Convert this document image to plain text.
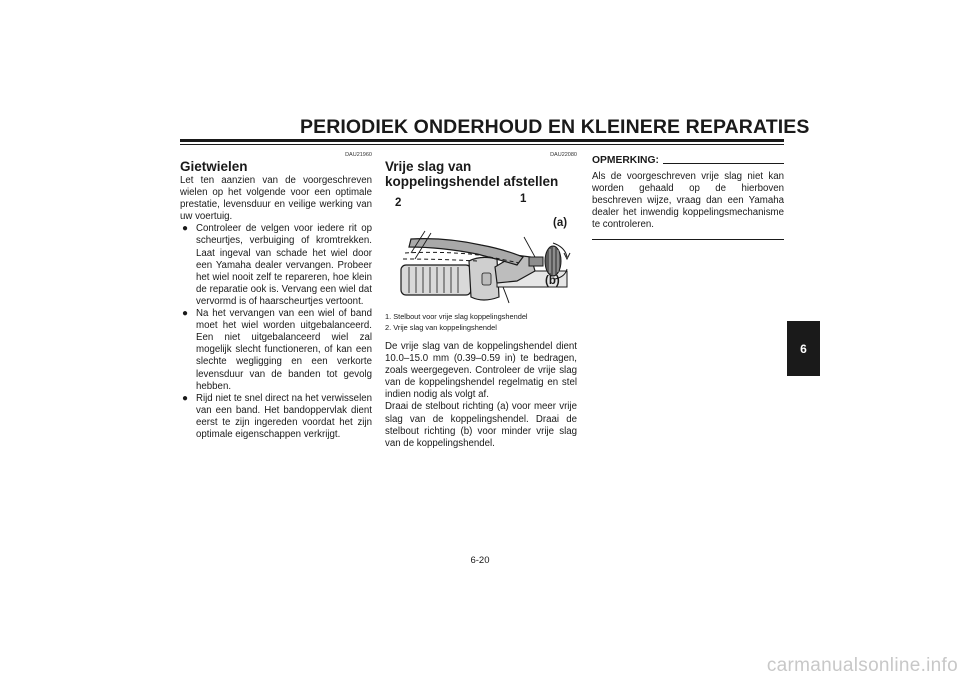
PERIODIEK ONDERHOUD EN KLEINERE REPARATIES
DAU21960
Gietwielen
Let ten aanzien van de voorgeschreven wielen op het volgende voor een optimale prestatie, levensduur en veilige werking van uw voertuig.
● Controleer de velgen voor iedere rit op scheurtjes, verbuiging of kromtrekken. Laat ingeval van schade het wiel door een Yamaha dealer vervangen. Probeer het wiel nooit zelf te repareren, hoe klein de reparatie ook is. Vervang een wiel dat vervormd is of haarscheurtjes vertoont.
● Na het vervangen van een wiel of band moet het wiel worden uitgebalanceerd. Een niet uitgebalanceerd wiel zal mogelijk slecht functioneren, of kan een slechte wegligging en een verkorte levensduur van de banden tot gevolg hebben.
● Rijd niet te snel direct na het verwisselen van een band. Het bandoppervlak dient eerst te zijn ingereden voordat het zijn optimale eigenschappen verkrijgt.
DAU22080
Vrije slag van koppelingshendel afstellen
2	1
(a)
(b)
1. Stelbout voor vrije slag koppelingshendel
2. Vrije slag van koppelingshendel
De vrije slag van de koppelingshendel dient 10.0–15.0 mm (0.39–0.59 in) te bedragen, zoals weergegeven. Controleer de vrije slag van de koppelingshendel regelmatig en stel indien nodig als volgt af.
Draai de stelbout richting (a) voor meer vrije slag van de koppelingshendel. Draai de stelbout richting (b) voor minder vrije slag van de koppelingshendel.
OPMERKING:
Als de voorgeschreven vrije slag niet kan worden gehaald op de hierboven beschreven wijze, vraag dan een Yamaha dealer het inwendig koppelingsmechanisme te controleren.
6
6-20
carmanualsonline.info
